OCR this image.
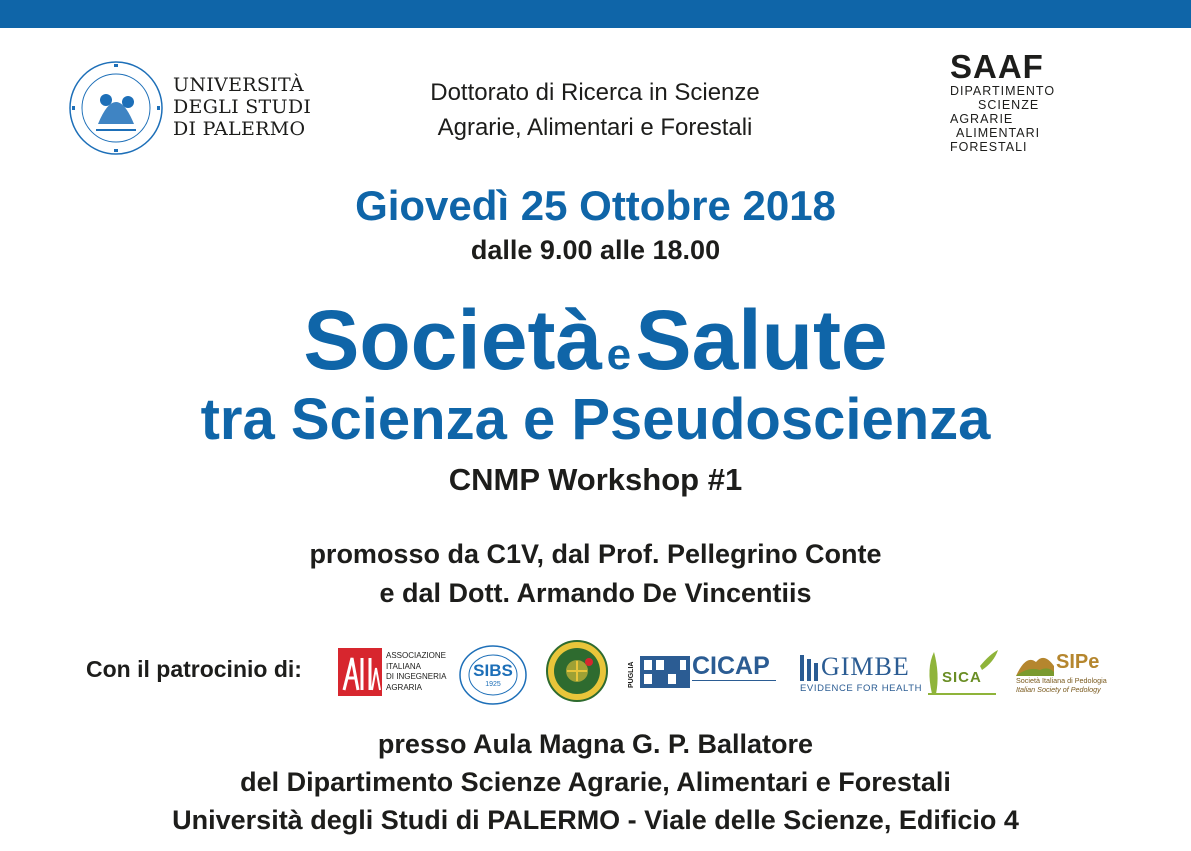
UNIVERSITÀ
DEGLI STUDI
DI PALERMO
Dottorato di Ricerca in Scienze
Agrarie, Alimentari e Forestali
SAAF
DIPARTIMENTO
SCIENZE
AGRARIE
ALIMENTARI
FORESTALI
Giovedì 25 Ottobre 2018
dalle 9.00 alle 18.00
Società e Salute
tra Scienza e Pseudoscienza
CNMP Workshop #1
promosso da C1V, dal Prof. Pellegrino Conte
e dal Dott. Armando De Vincentiis
Con il patrocinio di:
ASSOCIAZIONE
ITALIANA
DI INGEGNERIA
AGRARIA
SIBS
1925	PUGLIA CICAP GIMBE
EVIDENCE FOR HEALTH
SICA
SIPe
Società Italiana di Pedologia
Italian Society of Pedology
presso Aula Magna G. P. Ballatore
del Dipartimento Scienze Agrarie, Alimentari e Forestali
Università degli Studi di PALERMO - Viale delle Scienze, Edificio 4
